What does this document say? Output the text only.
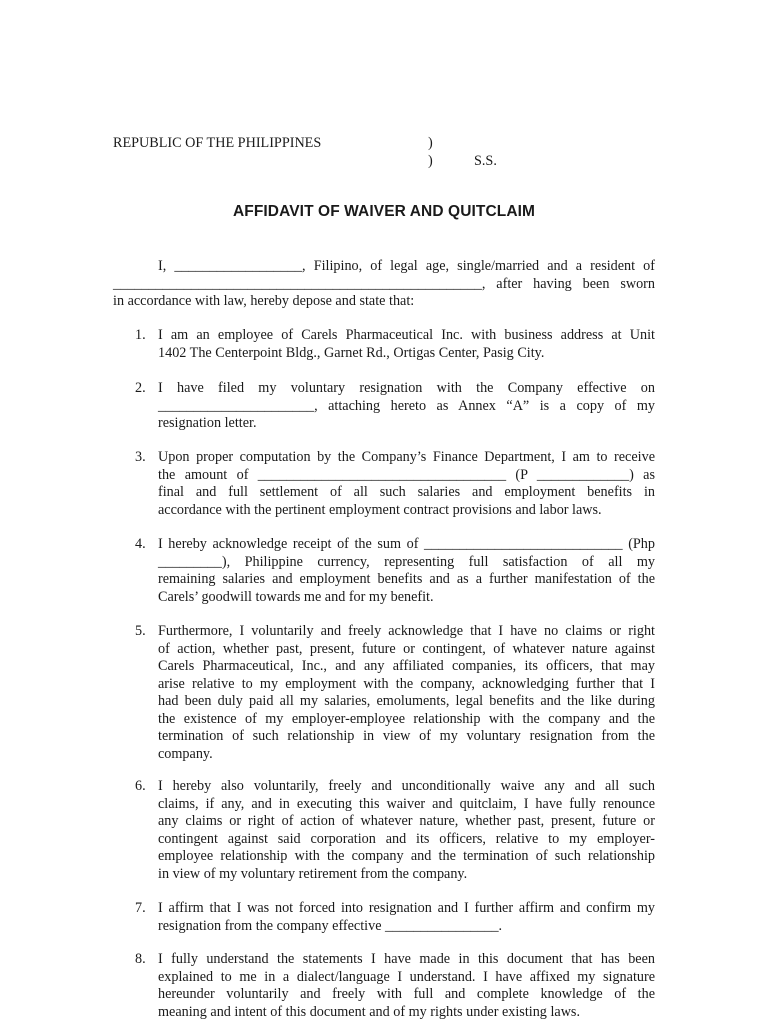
REPUBLIC OF THE PHILIPPINES	)
)	S.S.
AFFIDAVIT OF WAIVER AND QUITCLAIM
I, __________________, Filipino, of legal age, single/married and a resident of
____________________________________________________, after having been sworn
in accordance with law, hereby depose and state that:
1. I am an employee of Carels Pharmaceutical Inc. with business address at Unit
1402 The Centerpoint Bldg., Garnet Rd., Ortigas Center, Pasig City.
2. I have filed my voluntary resignation with the Company effective on
______________________, attaching hereto as Annex “A” is a copy of my
resignation letter.
3. Upon proper computation by the Company’s Finance Department, I am to receive
the amount of ___________________________________ (P _____________) as
final and full settlement of all such salaries and employment benefits in
accordance with the pertinent employment contract provisions and labor laws.
4. I hereby acknowledge receipt of the sum of ____________________________ (Php
_________), Philippine currency, representing full satisfaction of all my
remaining salaries and employment benefits and as a further manifestation of the
Carels’ goodwill towards me and for my benefit.
5. Furthermore, I voluntarily and freely acknowledge that I have no claims or right
of action, whether past, present, future or contingent, of whatever nature against
Carels Pharmaceutical, Inc., and any affiliated companies, its officers, that may
arise relative to my employment with the company, acknowledging further that I
had been duly paid all my salaries, emoluments, legal benefits and the like during
the existence of my employer-employee relationship with the company and the
termination of such relationship in view of my voluntary resignation from the
company.
6. I hereby also voluntarily, freely and unconditionally waive any and all such
claims, if any, and in executing this waiver and quitclaim, I have fully renounce
any claims or right of action of whatever nature, whether past, present, future or
contingent against said corporation and its officers, relative to my employer-
employee relationship with the company and the termination of such relationship
in view of my voluntary retirement from the company.
7. I affirm that I was not forced into resignation and I further affirm and confirm my
resignation from the company effective ________________.
8. I fully understand the statements I have made in this document that has been
explained to me in a dialect/language I understand. I have affixed my signature
hereunder voluntarily and freely with full and complete knowledge of the
meaning and intent of this document and of my rights under existing laws.
